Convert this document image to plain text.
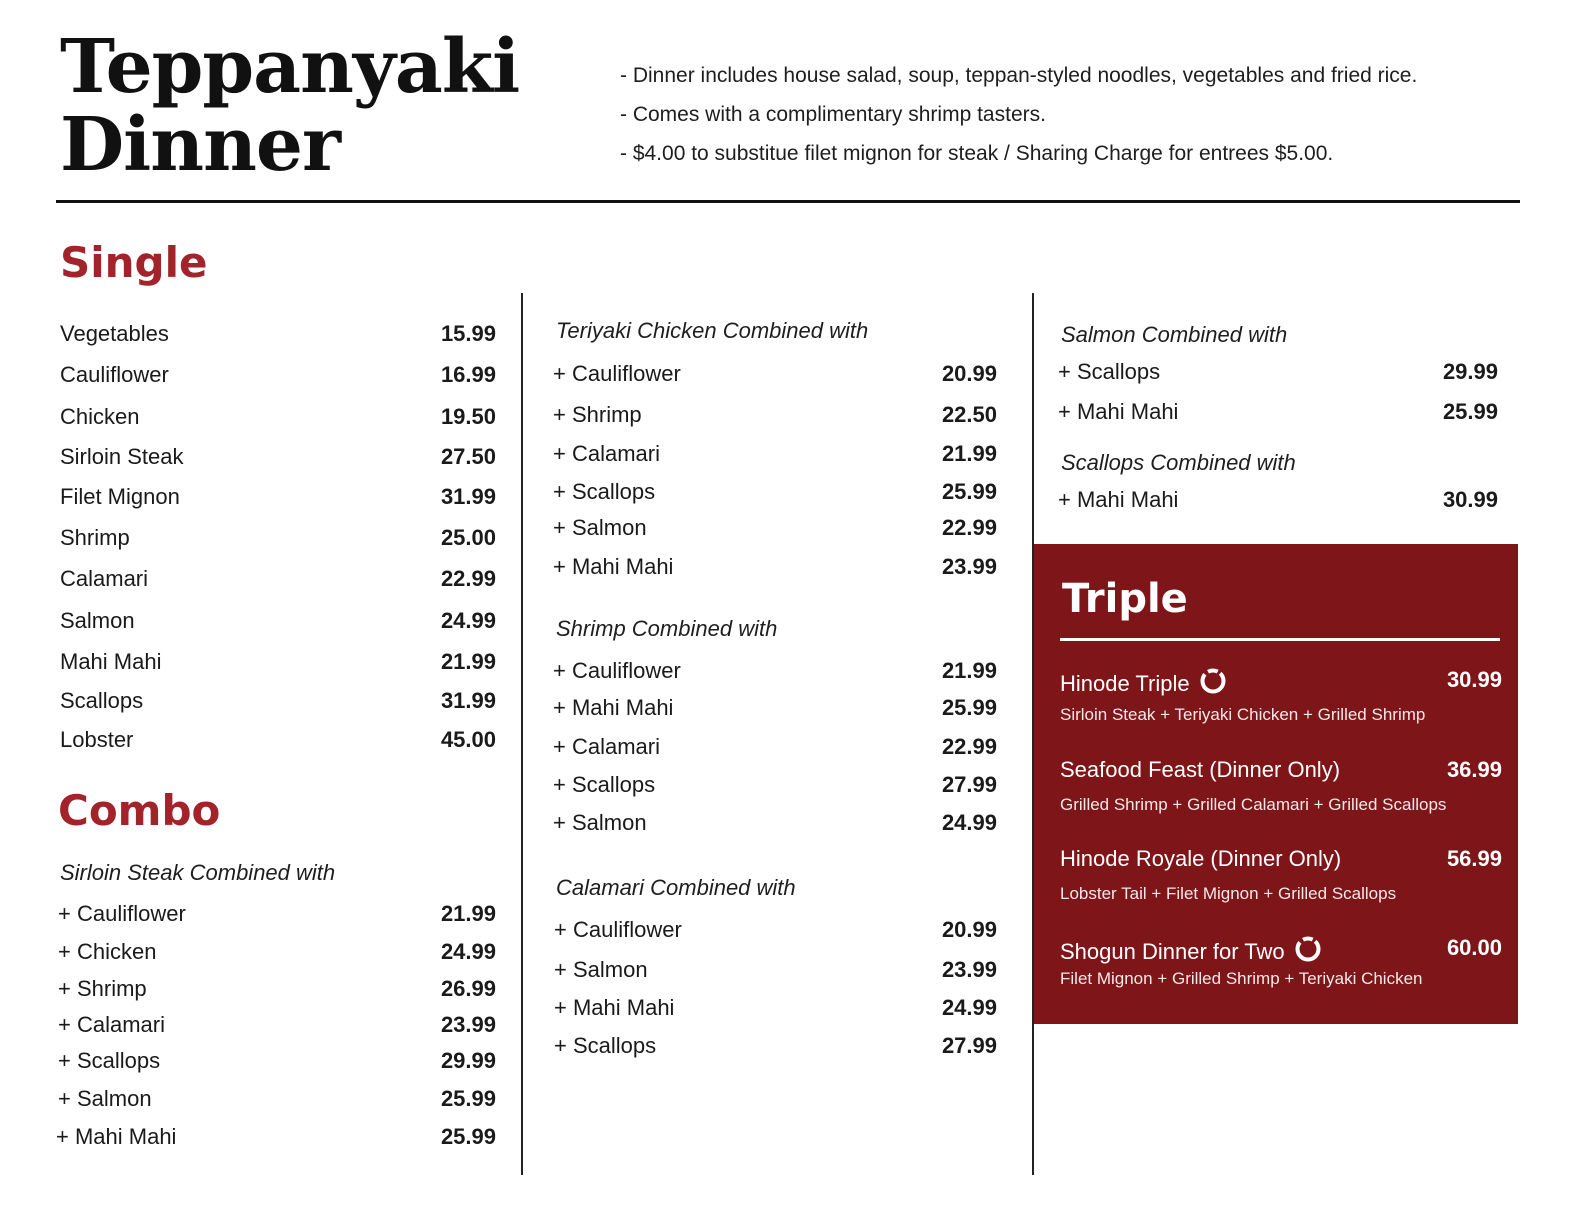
Teppanyaki
Dinner
- Dinner includes house salad, soup, teppan-styled noodles, vegetables and fried rice.
- Comes with a complimentary shrimp tasters.
- $4.00 to substitue filet mignon for steak / Sharing Charge for entrees $5.00.
Single
Vegetables	15.99
Cauliflower	16.99
Chicken	19.50
Sirloin Steak	27.50
Filet Mignon	31.99
Shrimp	25.00
Calamari	22.99
Salmon	24.99
Mahi Mahi	21.99
Scallops	31.99
Lobster	45.00
Combo
Sirloin Steak Combined with
+ Cauliflower	21.99
+ Chicken	24.99
+ Shrimp	26.99
+ Calamari	23.99
+ Scallops	29.99
+ Salmon	25.99
+ Mahi Mahi	25.99
Teriyaki Chicken Combined with
+ Cauliflower	20.99
+ Shrimp	22.50
+ Calamari	21.99
+ Scallops	25.99
+ Salmon	22.99
+ Mahi Mahi	23.99
Shrimp Combined with
+ Cauliflower	21.99
+ Mahi Mahi	25.99
+ Calamari	22.99
+ Scallops	27.99
+ Salmon	24.99
Calamari Combined with
+ Cauliflower	20.99
+ Salmon	23.99
+ Mahi Mahi	24.99
+ Scallops	27.99
Salmon Combined with
+ Scallops	29.99
+ Mahi Mahi	25.99
Scallops Combined with
+ Mahi Mahi	30.99
Triple
Hinode Triple	30.99
Sirloin Steak + Teriyaki Chicken + Grilled Shrimp
Seafood Feast (Dinner Only)	36.99
Grilled Shrimp + Grilled Calamari + Grilled Scallops
Hinode Royale (Dinner Only)	56.99
Lobster Tail + Filet Mignon + Grilled Scallops
Shogun Dinner for Two	60.00
Filet Mignon + Grilled Shrimp + Teriyaki Chicken
